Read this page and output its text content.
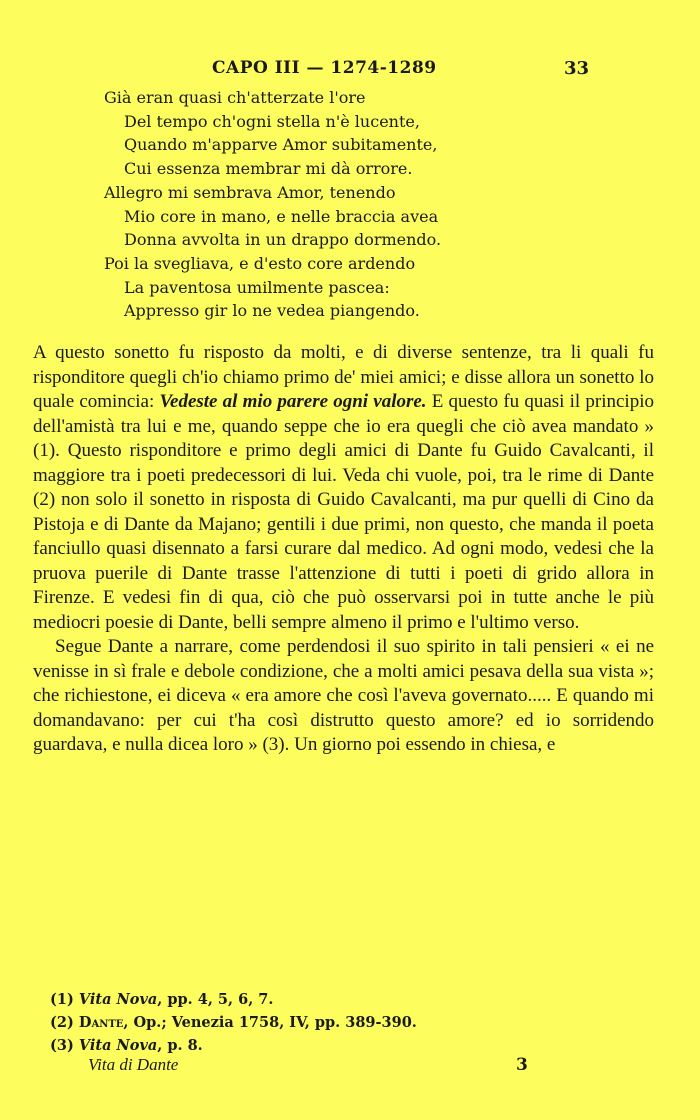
CAPO III — 1274-1289	33
Già eran quasi ch'atterzate l'ore
Del tempo ch'ogni stella n'è lucente,
Quando m'apparve Amor subitamente,
Cui essenza membrar mi dà orrore.
Allegro mi sembrava Amor, tenendo
Mio core in mano, e nelle braccia avea
Donna avvolta in un drappo dormendo.
Poi la svegliava, e d'esto core ardendo
La paventosa umilmente pascea:
Appresso gir lo ne vedea piangendo.

A questo sonetto fu risposto da molti, e di diverse sentenze, tra li quali fu risponditore quegli ch'io chiamo primo de' miei amici; e disse allora un sonetto lo quale comincia: Vedeste al mio parere ogni valore. E questo fu quasi il principio dell'amistà tra lui e me, quando seppe che io era quegli che ciò avea mandato » (1). Questo risponditore e primo degli amici di Dante fu Guido Cavalcanti, il maggiore tra i poeti predecessori di lui. Veda chi vuole, poi, tra le rime di Dante (2) non solo il sonetto in risposta di Guido Cavalcanti, ma pur quelli di Cino da Pistoja e di Dante da Majano; gentili i due primi, non questo, che manda il poeta fanciullo quasi disennato a farsi curare dal medico. Ad ogni modo, vedesi che la pruova puerile di Dante trasse l'attenzione di tutti i poeti di grido allora in Firenze. E vedesi fin di qua, ciò che può osservarsi poi in tutte anche le più mediocri poesie di Dante, belli sempre almeno il primo e l'ultimo verso.

Segue Dante a narrare, come perdendosi il suo spirito in tali pensieri « ei ne venisse in sì frale e debole condizione, che a molti amici pesava della sua vista »; che richiestone, ei diceva « era amore che così l'aveva governato..... E quando mi domandavano: per cui t'ha così distrutto questo amore? ed io sorridendo guardava, e nulla dicea loro » (3). Un giorno poi essendo in chiesa, e

(1) Vita Nova, pp. 4, 5, 6, 7.
(2) Dante, Op.; Venezia 1758, IV, pp. 389-390.
(3) Vita Nova, p. 8.
Vita di Dante	3
